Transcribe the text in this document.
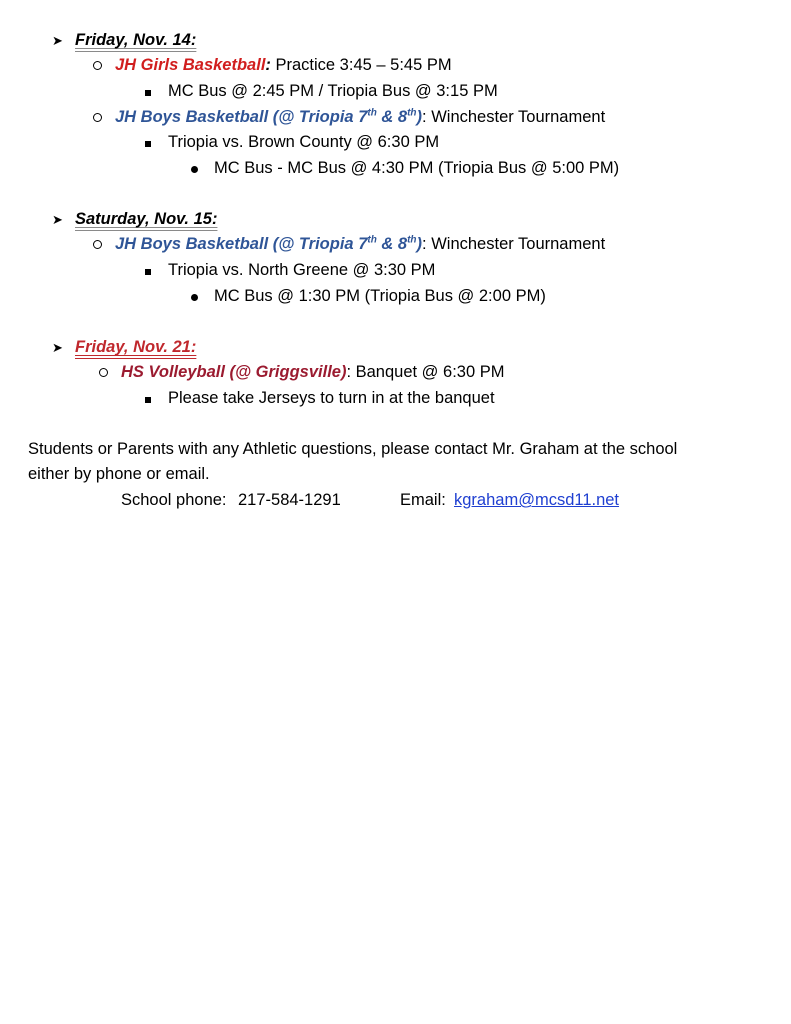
➤ Friday, Nov. 14:
JH Girls Basketball: Practice 3:45 – 5:45 PM
MC Bus @ 2:45 PM / Triopia Bus @ 3:15 PM
JH Boys Basketball (@ Triopia 7th & 8th): Winchester Tournament
Triopia vs. Brown County @ 6:30 PM
MC Bus - MC Bus @ 4:30 PM (Triopia Bus @ 5:00 PM)
➤ Saturday, Nov. 15:
JH Boys Basketball (@ Triopia 7th & 8th): Winchester Tournament
Triopia vs. North Greene @ 3:30 PM
MC Bus @ 1:30 PM (Triopia Bus @ 2:00 PM)
➤ Friday, Nov. 21:
HS Volleyball (@ Griggsville): Banquet @ 6:30 PM
Please take Jerseys to turn in at the banquet
Students or Parents with any Athletic questions, please contact Mr. Graham at the school
either by phone or email.
School phone: 217-584-1291	Email: kgraham@mcsd11.net
